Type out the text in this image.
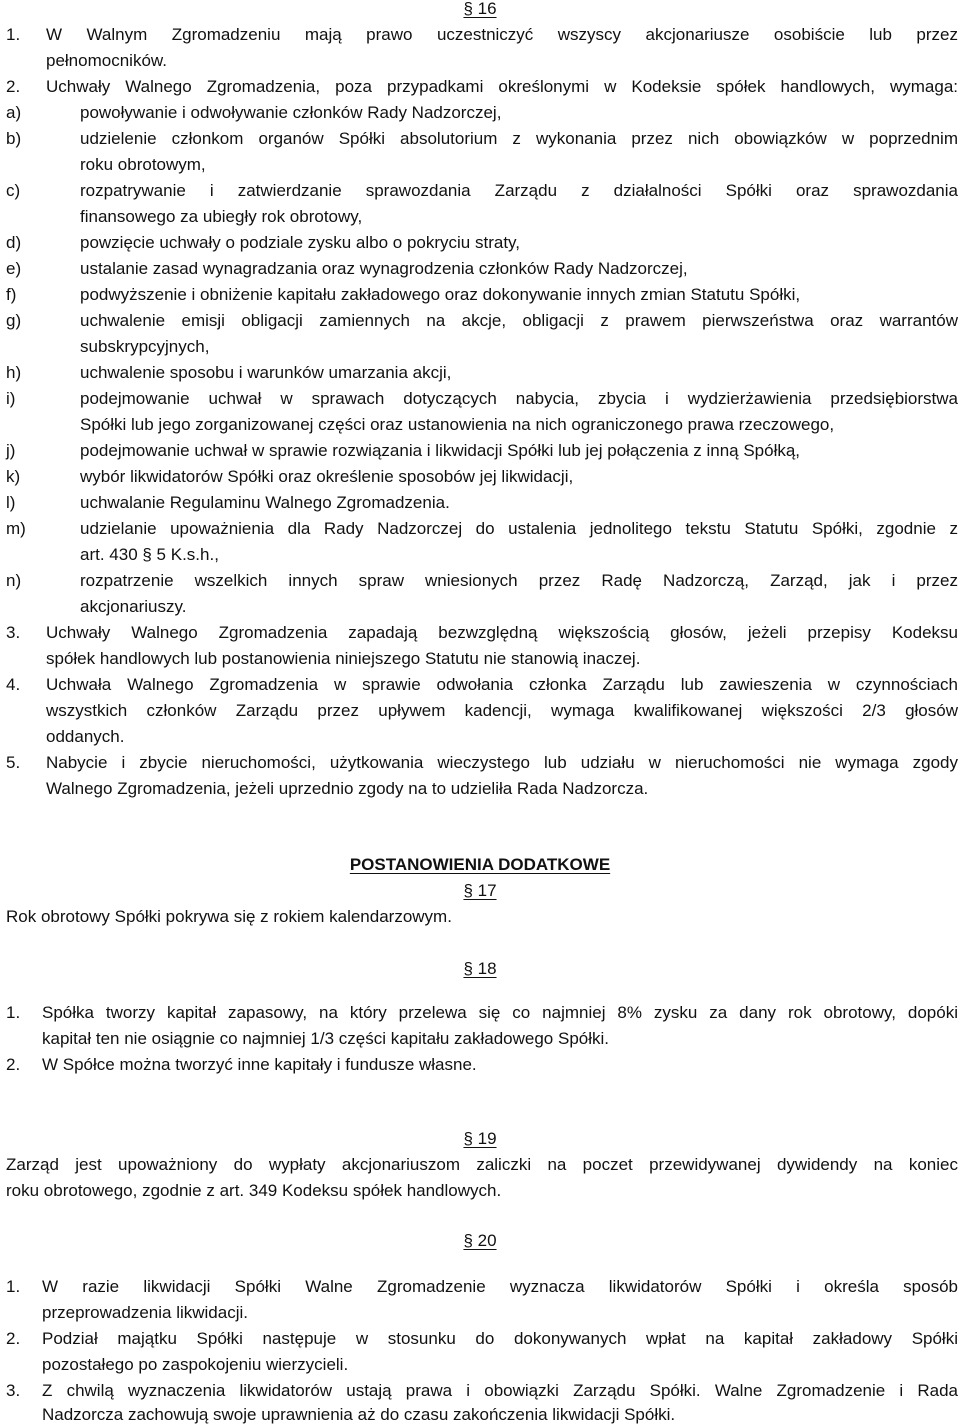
§ 16
1. W Walnym Zgromadzeniu mają prawo uczestniczyć wszyscy akcjonariusze osobiście lub przez
pełnomocników.
2. Uchwały Walnego Zgromadzenia, poza przypadkami określonymi w Kodeksie spółek handlowych, wymaga:
a)	powoływanie i odwoływanie członków Rady Nadzorczej,
b)	udzielenie członkom organów Spółki absolutorium z wykonania przez nich obowiązków w poprzednim
roku obrotowym,
c)	rozpatrywanie i zatwierdzanie sprawozdania Zarządu z działalności Spółki oraz sprawozdania
finansowego za ubiegły rok obrotowy,
d)	powzięcie uchwały o podziale zysku albo o pokryciu straty,
e)	ustalanie zasad wynagradzania oraz wynagrodzenia członków Rady Nadzorczej,
f)	podwyższenie i obniżenie kapitału zakładowego oraz dokonywanie innych zmian Statutu Spółki,
g)	uchwalenie emisji obligacji zamiennych na akcje, obligacji z prawem pierwszeństwa oraz warrantów
subskrypcyjnych,
h)	uchwalenie sposobu i warunków umarzania akcji,
i)	podejmowanie uchwał w sprawach dotyczących nabycia, zbycia i wydzierżawienia przedsiębiorstwa
Spółki lub jego zorganizowanej części oraz ustanowienia na nich ograniczonego prawa rzeczowego,
j)	podejmowanie uchwał w sprawie rozwiązania i likwidacji Spółki lub jej połączenia z inną Spółką,
k)	wybór likwidatorów Spółki oraz określenie sposobów jej likwidacji,
l)	uchwalanie Regulaminu Walnego Zgromadzenia.
m)	udzielanie upoważnienia dla Rady Nadzorczej do ustalenia jednolitego tekstu Statutu Spółki, zgodnie z
art. 430 § 5 K.s.h.,
n)	rozpatrzenie wszelkich innych spraw wniesionych przez Radę Nadzorczą, Zarząd, jak i przez
akcjonariuszy.
3. Uchwały Walnego Zgromadzenia zapadają bezwzględną większością głosów, jeżeli przepisy Kodeksu
spółek handlowych lub postanowienia niniejszego Statutu nie stanowią inaczej.
4. Uchwała Walnego Zgromadzenia w sprawie odwołania członka Zarządu lub zawieszenia w czynnościach
wszystkich członków Zarządu przez upływem kadencji, wymaga kwalifikowanej większości 2/3 głosów
oddanych.
5. Nabycie i zbycie nieruchomości, użytkowania wieczystego lub udziału w nieruchomości nie wymaga zgody
Walnego Zgromadzenia, jeżeli uprzednio zgody na to udzieliła Rada Nadzorcza.
POSTANOWIENIA DODATKOWE
§ 17
Rok obrotowy Spółki pokrywa się z rokiem kalendarzowym.
§ 18
1. Spółka tworzy kapitał zapasowy, na który przelewa się co najmniej 8% zysku za dany rok obrotowy, dopóki
kapitał ten nie osiągnie co najmniej 1/3 części kapitału zakładowego Spółki.
2. W Spółce można tworzyć inne kapitały i fundusze własne.
§ 19
Zarząd jest upoważniony do wypłaty akcjonariuszom zaliczki na poczet przewidywanej dywidendy na koniec
roku obrotowego, zgodnie z art. 349 Kodeksu spółek handlowych.
§ 20
1. W razie likwidacji Spółki Walne Zgromadzenie wyznacza likwidatorów Spółki i określa sposób
przeprowadzenia likwidacji.
2. Podział majątku Spółki następuje w stosunku do dokonywanych wpłat na kapitał zakładowy Spółki
pozostałego po zaspokojeniu wierzycieli.
3. Z chwilą wyznaczenia likwidatorów ustają prawa i obowiązki Zarządu Spółki. Walne Zgromadzenie i Rada
Nadzorcza zachowują swoje uprawnienia aż do czasu zakończenia likwidacji Spółki.
